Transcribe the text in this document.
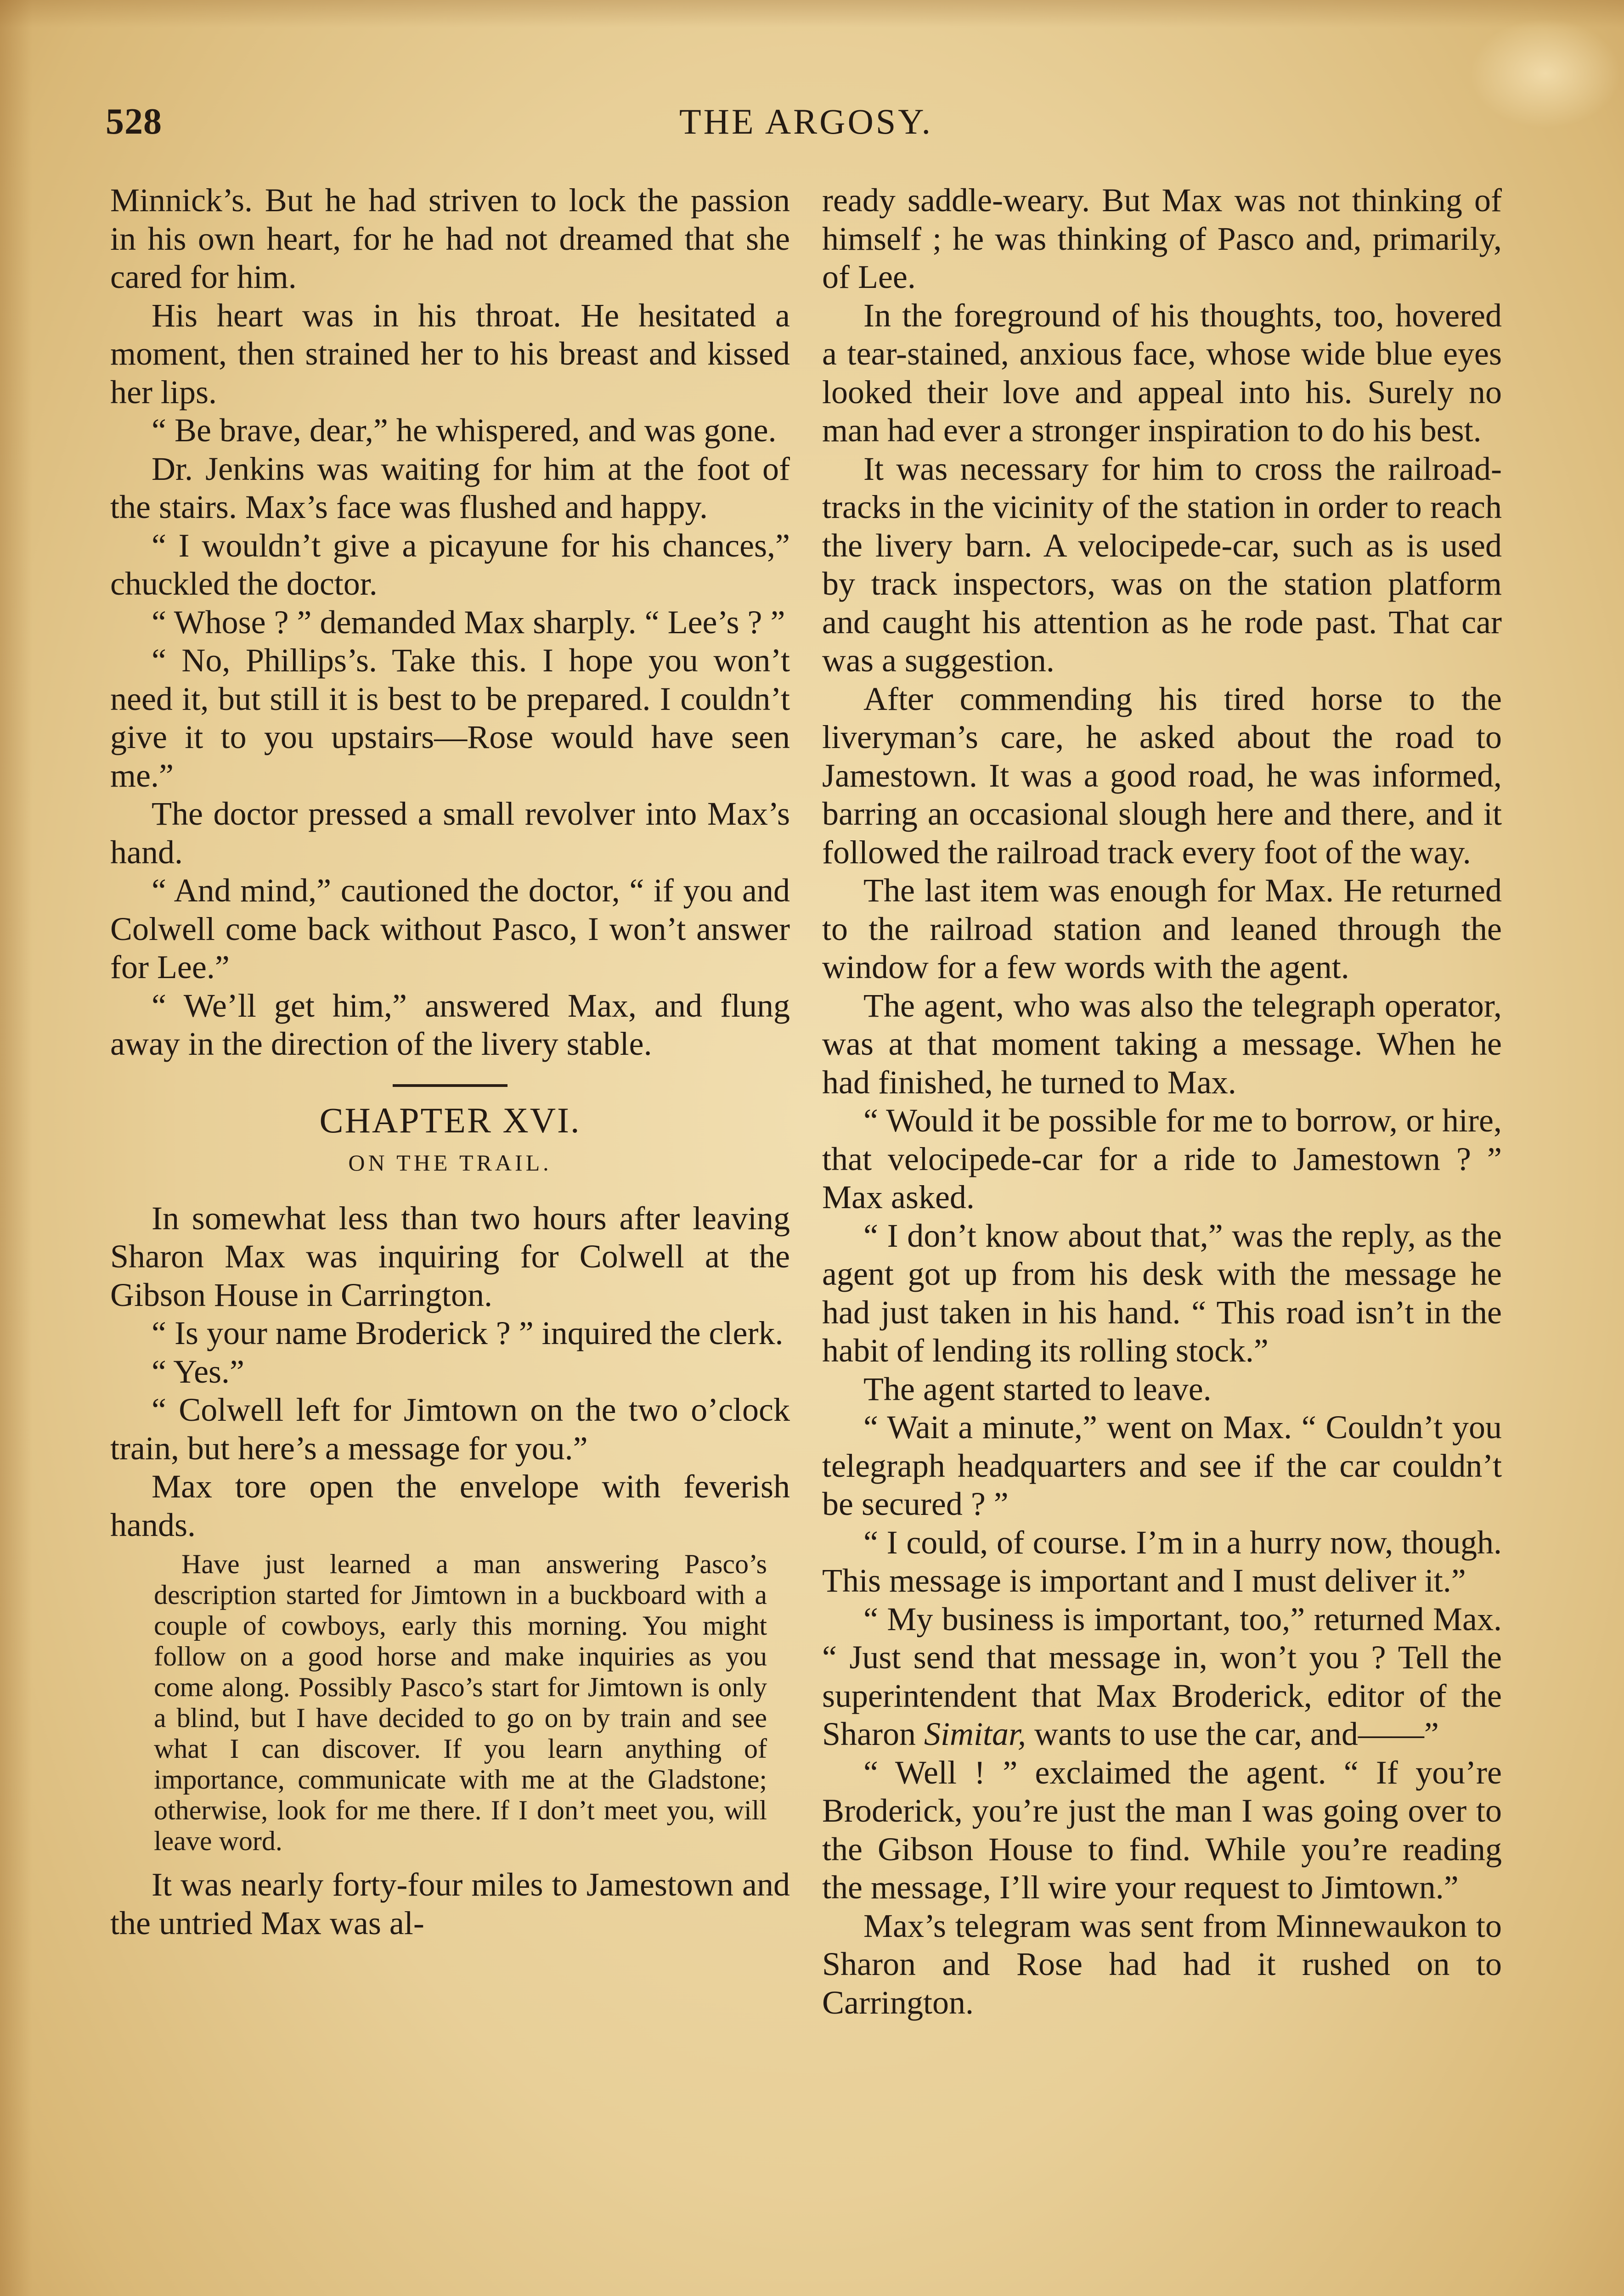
THE ARGOSY.
528

Minnick’s. But he had striven to lock the passion in his own heart, for he had not dreamed that she cared for him.

His heart was in his throat. He hesitated a moment, then strained her to his breast and kissed her lips.

“ Be brave, dear,” he whispered, and was gone.

Dr. Jenkins was waiting for him at the foot of the stairs. Max’s face was flushed and happy.

“ I wouldn’t give a picayune for his chances,” chuckled the doctor.

“ Whose ? ” demanded Max sharply. “ Lee’s ? ”

“ No, Phillips’s. Take this. I hope you won’t need it, but still it is best to be prepared. I couldn’t give it to you upstairs—Rose would have seen me.”

The doctor pressed a small revolver into Max’s hand.

“ And mind,” cautioned the doctor, “ if you and Colwell come back without Pasco, I won’t answer for Lee.”

“ We’ll get him,” answered Max, and flung away in the direction of the livery stable.

CHAPTER XVI.

ON THE TRAIL.

In somewhat less than two hours after leaving Sharon Max was inquiring for Colwell at the Gibson House in Carrington.

“ Is your name Broderick ? ” inquired the clerk.

“ Yes.”

“ Colwell left for Jimtown on the two o’clock train, but here’s a message for you.”

Max tore open the envelope with feverish hands.

Have just learned a man answering Pasco’s description started for Jimtown in a buckboard with a couple of cowboys, early this morning. You might follow on a good horse and make inquiries as you come along. Possibly Pasco’s start for Jimtown is only a blind, but I have decided to go on by train and see what I can discover. If you learn anything of importance, communicate with me at the Gladstone; otherwise, look for me there. If I don’t meet you, will leave word.

It was nearly forty-four miles to Jamestown and the untried Max was al-

ready saddle-weary. But Max was not thinking of himself ; he was thinking of Pasco and, primarily, of Lee.

In the foreground of his thoughts, too, hovered a tear-stained, anxious face, whose wide blue eyes looked their love and appeal into his. Surely no man had ever a stronger inspiration to do his best.

It was necessary for him to cross the railroad-tracks in the vicinity of the station in order to reach the livery barn. A velocipede-car, such as is used by track inspectors, was on the station platform and caught his attention as he rode past. That car was a suggestion.

After commending his tired horse to the liveryman’s care, he asked about the road to Jamestown. It was a good road, he was informed, barring an occasional slough here and there, and it followed the railroad track every foot of the way.

The last item was enough for Max. He returned to the railroad station and leaned through the window for a few words with the agent.

The agent, who was also the telegraph operator, was at that moment taking a message. When he had finished, he turned to Max.

“ Would it be possible for me to borrow, or hire, that velocipede-car for a ride to Jamestown ? ” Max asked.

“ I don’t know about that,” was the reply, as the agent got up from his desk with the message he had just taken in his hand. “ This road isn’t in the habit of lending its rolling stock.”

The agent started to leave.

“ Wait a minute,” went on Max. “ Couldn’t you telegraph headquarters and see if the car couldn’t be secured ? ”

“ I could, of course. I’m in a hurry now, though. This message is important and I must deliver it.”

“ My business is important, too,” returned Max. “ Just send that message in, won’t you ? Tell the superintendent that Max Broderick, editor of the Sharon Simitar, wants to use the car, and——”

“ Well ! ” exclaimed the agent. “ If you’re Broderick, you’re just the man I was going over to the Gibson House to find. While you’re reading the message, I’ll wire your request to Jimtown.”

Max’s telegram was sent from Minnewaukon to Sharon and Rose had had it rushed on to Carrington.
